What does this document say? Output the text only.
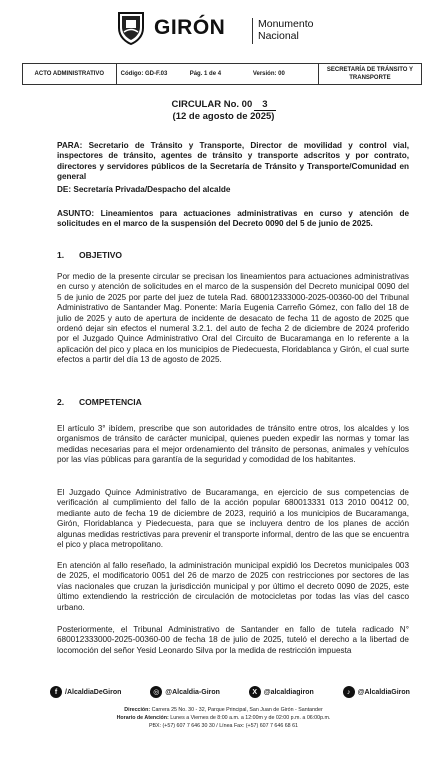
GIRÓN	Monumento
Nacional
ACTO ADMINISTRATIVO	Código: GD-F.03	Pág. 1 de 4	Versión: 00
SECRETARÍA DE TRÁNSITO Y
TRANSPORTE
CIRCULAR No. 00 3
(12 de agosto de 2025)
PARA: Secretario de Tránsito y Transporte, Director de movilidad y control vial, inspectores de tránsito, agentes de tránsito y transporte adscritos y por contrato, directores y servidores públicos de la Secretaría de Tránsito y Transporte/Comunidad en general
DE: Secretaría Privada/Despacho del alcalde
ASUNTO: Lineamientos para actuaciones administrativas en curso y atención de solicitudes en el marco de la suspensión del Decreto 0090 del 5 de junio de 2025.
1. OBJETIVO
Por medio de la presente circular se precisan los lineamientos para actuaciones administrativas en curso y atención de solicitudes en el marco de la suspensión del Decreto municipal 0090 del 5 de junio de 2025 por parte del juez de tutela Rad. 680012333000-2025-00360-00 del Tribunal Administrativo de Santander Mag. Ponente: María Eugenia Carreño Gómez, con fallo del 18 de julio de 2025 y auto de apertura de incidente de desacato de fecha 11 de agosto de 2025 que ordenó dejar sin efectos el numeral 3.2.1. del auto de fecha 2 de diciembre de 2024 proferido por el Juzgado Quince Administrativo Oral del Circuito de Bucaramanga en lo referente a la aplicación del pico y placa en los municipios de Piedecuesta, Floridablanca y Girón, el cual surte efectos a partir del día 13 de agosto de 2025.
2. COMPETENCIA
El artículo 3° ibídem, prescribe que son autoridades de tránsito entre otros, los alcaldes y los organismos de tránsito de carácter municipal, quienes pueden expedir las normas y tomar las medidas necesarias para el mejor ordenamiento del tránsito de personas, animales y vehículos por las vías públicas para garantía de la seguridad y comodidad de los habitantes.
El Juzgado Quince Administrativo de Bucaramanga, en ejercicio de sus competencias de verificación al cumplimiento del fallo de la acción popular 680013331 013 2010 00412 00, mediante auto de fecha 19 de diciembre de 2023, requirió a los municipios de Bucaramanga, Girón, Floridablanca y Piedecuesta, para que se incluyera dentro de los planes de acción algunas medidas restrictivas para prevenir el transporte informal, dentro de las que se encuentra el pico y placa metropolitano.
En atención al fallo reseñado, la administración municipal expidió los Decretos municipales 003 de 2025, el modificatorio 0051 del 26 de marzo de 2025 con restricciones por sectores de las vías nacionales que cruzan la jurisdicción municipal y por último el decreto 0090 de 2025, este último extendiendo la restricción de circulación de motocicletas por todas las vías del casco urbano.
Posteriormente, el Tribunal Administrativo de Santander en fallo de tutela radicado N° 680012333000-2025-00360-00 de fecha 18 de julio de 2025, tuteló el derecho a la libertad de locomoción del señor Yesid Leonardo Silva por la medida de restricción impuesta
f	/AlcaldiaDeGiron	◎ @Alcaldia-Giron	X @alcaldiagiron	♪	@AlcaldiaGiron
Dirección: Carrera 25 No. 30 - 32, Parque Principal, San Juan de Girón - Santander
Horario de Atención: Lunes a Viernes de 8:00 a.m. a 12:00m y de 02:00 p.m. a 06:00p.m.
PBX: (+57) 607 7 646 30 30 / Línea Fax: (+57) 607 7 646 68 61
